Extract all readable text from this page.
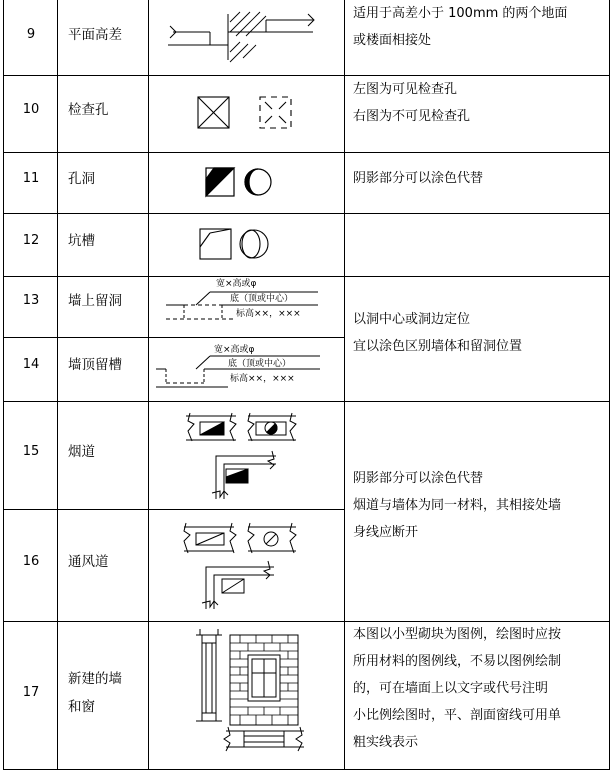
9
10
11
12
13
14
15
16
17
平面高差
检查孔
孔洞
坑槽
墙上留洞
墙顶留槽
烟道
通风道
新建的墙
和窗
适用于高差小于 100mm 的两个地面
或楼面相接处
左图为可见检查孔
右图为不可见检查孔
阴影部分可以涂色代替
以洞中心或洞边定位
宜以涂色区别墙体和留洞位置
阴影部分可以涂色代替
烟道与墙体为同一材料，其相接处墙
身线应断开
本图以小型砌块为图例，绘图时应按
所用材料的图例线，不易以图例绘制
的，可在墙面上以文字或代号注明
小比例绘图时，平、剖面窗线可用单
粗实线表示
宽×高或φ
底（顶或中心）
标高××，×××
宽×高或φ
底（顶或中心）
标高××，×××
